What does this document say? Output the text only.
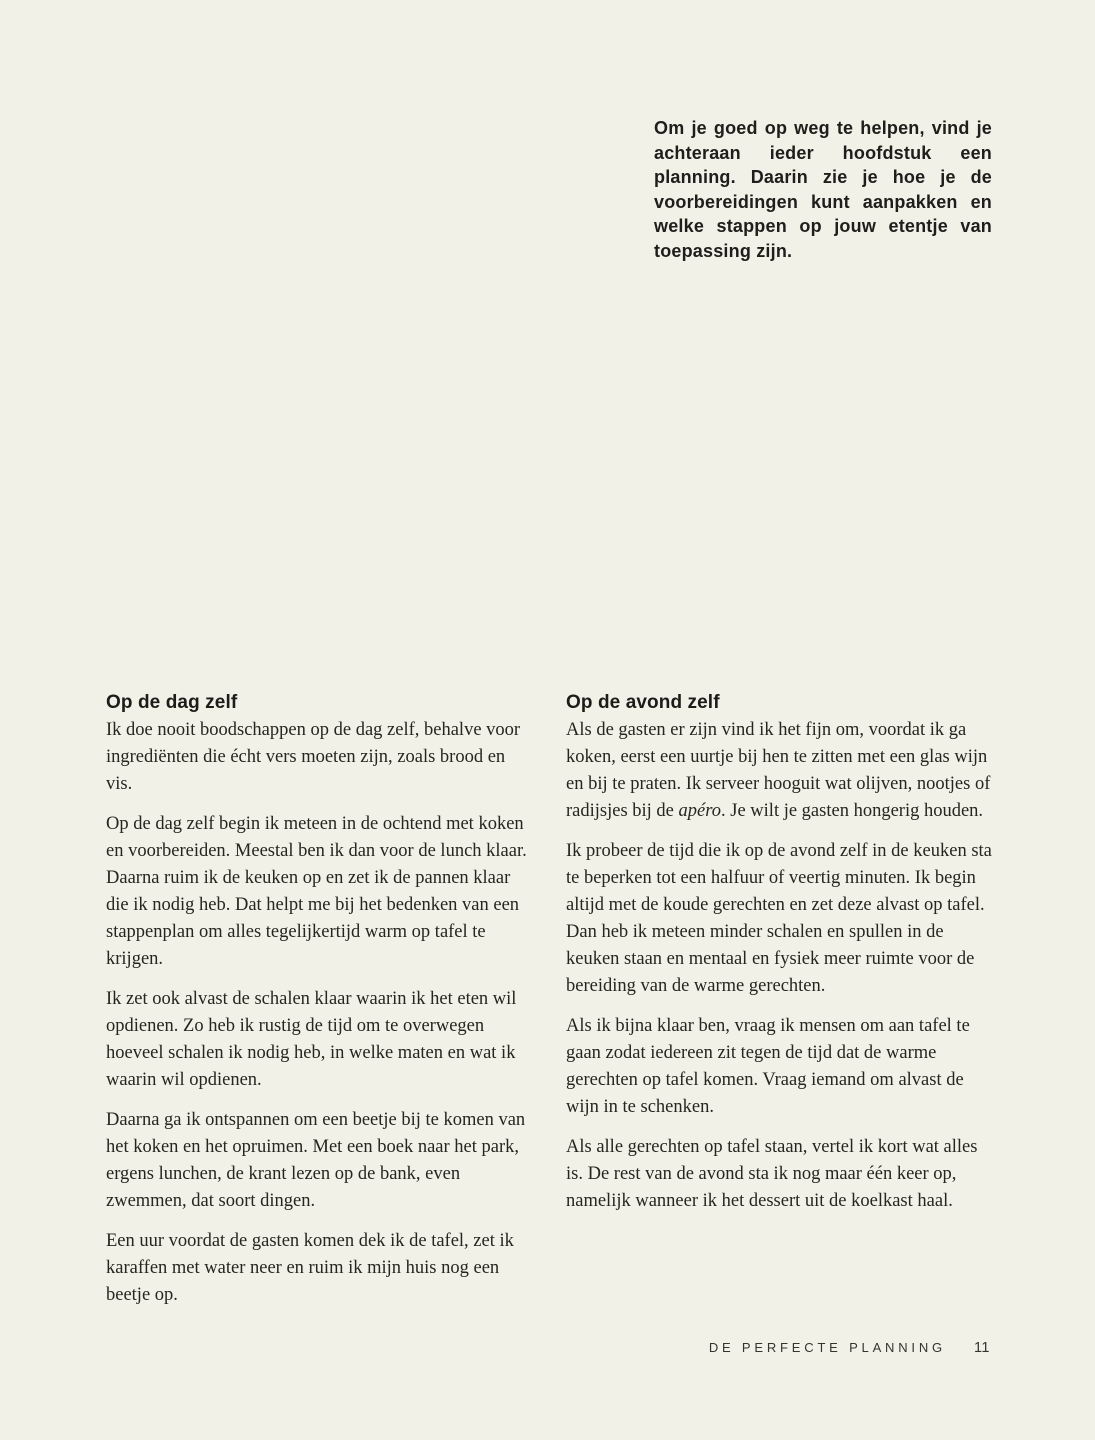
Om je goed op weg te helpen, vind je achteraan ieder hoofdstuk een planning. Daarin zie je hoe je de voorbereidingen kunt aanpakken en welke stappen op jouw etentje van toepassing zijn.

Op de dag zelf

Ik doe nooit boodschappen op de dag zelf, behalve voor ingrediënten die écht vers moeten zijn, zoals brood en vis.

Op de dag zelf begin ik meteen in de ochtend met koken en voorbereiden. Meestal ben ik dan voor de lunch klaar. Daarna ruim ik de keuken op en zet ik de pannen klaar die ik nodig heb. Dat helpt me bij het bedenken van een stappenplan om alles tegelijkertijd warm op tafel te krijgen.

Ik zet ook alvast de schalen klaar waarin ik het eten wil opdienen. Zo heb ik rustig de tijd om te overwegen hoeveel schalen ik nodig heb, in welke maten en wat ik waarin wil opdienen.

Daarna ga ik ontspannen om een beetje bij te komen van het koken en het opruimen. Met een boek naar het park, ergens lunchen, de krant lezen op de bank, even zwemmen, dat soort dingen.

Een uur voordat de gasten komen dek ik de tafel, zet ik karaffen met water neer en ruim ik mijn huis nog een beetje op.

Op de avond zelf

Als de gasten er zijn vind ik het fijn om, voordat ik ga koken, eerst een uurtje bij hen te zitten met een glas wijn en bij te praten. Ik serveer hooguit wat olijven, nootjes of radijsjes bij de apéro. Je wilt je gasten hongerig houden.

Ik probeer de tijd die ik op de avond zelf in de keuken sta te beperken tot een halfuur of veertig minuten. Ik begin altijd met de koude gerechten en zet deze alvast op tafel. Dan heb ik meteen minder schalen en spullen in de keuken staan en mentaal en fysiek meer ruimte voor de bereiding van de warme gerechten.

Als ik bijna klaar ben, vraag ik mensen om aan tafel te gaan zodat iedereen zit tegen de tijd dat de warme gerechten op tafel komen. Vraag iemand om alvast de wijn in te schenken.

Als alle gerechten op tafel staan, vertel ik kort wat alles is. De rest van de avond sta ik nog maar één keer op, namelijk wanneer ik het dessert uit de koelkast haal.

DE PERFECTE PLANNING 11
